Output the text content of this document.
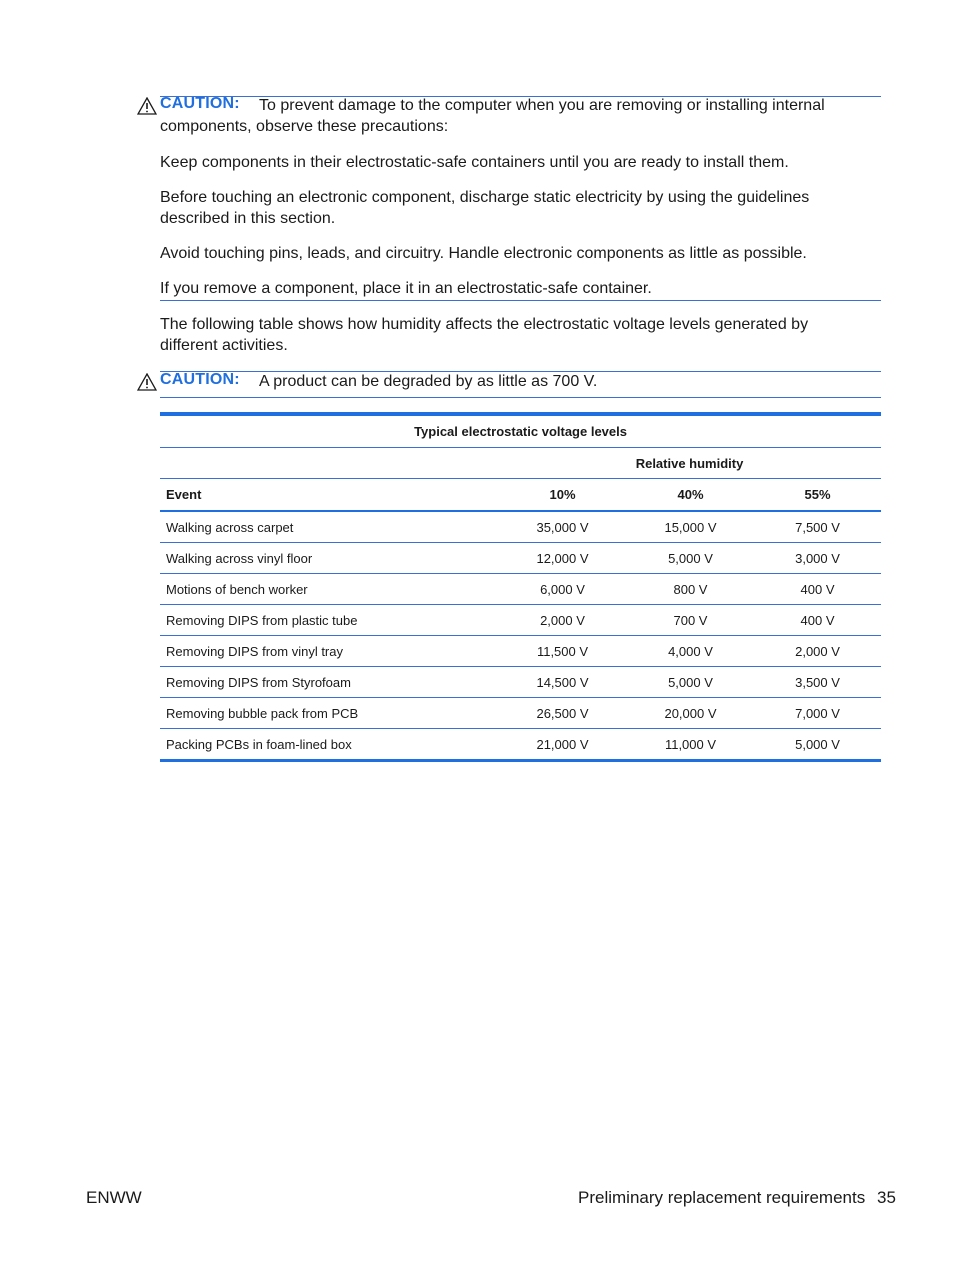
CAUTION: To prevent damage to the computer when you are removing or installing internal
components, observe these precautions:
Keep components in their electrostatic-safe containers until you are ready to install them.
Before touching an electronic component, discharge static electricity by using the guidelines described in this section.
Avoid touching pins, leads, and circuitry. Handle electronic components as little as possible.
If you remove a component, place it in an electrostatic-safe container.
The following table shows how humidity affects the electrostatic voltage levels generated by different activities.
CAUTION: A product can be degraded by as little as 700 V.
Typical electrostatic voltage levels			
	Relative humidity		
Event	10%	40%	55%
Walking across carpet	35,000 V	15,000 V	7,500 V
Walking across vinyl floor	12,000 V	5,000 V	3,000 V
Motions of bench worker	6,000 V	800 V	400 V
Removing DIPS from plastic tube	2,000 V	700 V	400 V
Removing DIPS from vinyl tray	11,500 V	4,000 V	2,000 V
Removing DIPS from Styrofoam	14,500 V	5,000 V	3,500 V
Removing bubble pack from PCB	26,500 V	20,000 V	7,000 V
Packing PCBs in foam-lined box	21,000 V	11,000 V	5,000 V
ENWW	Preliminary replacement requirements 35
